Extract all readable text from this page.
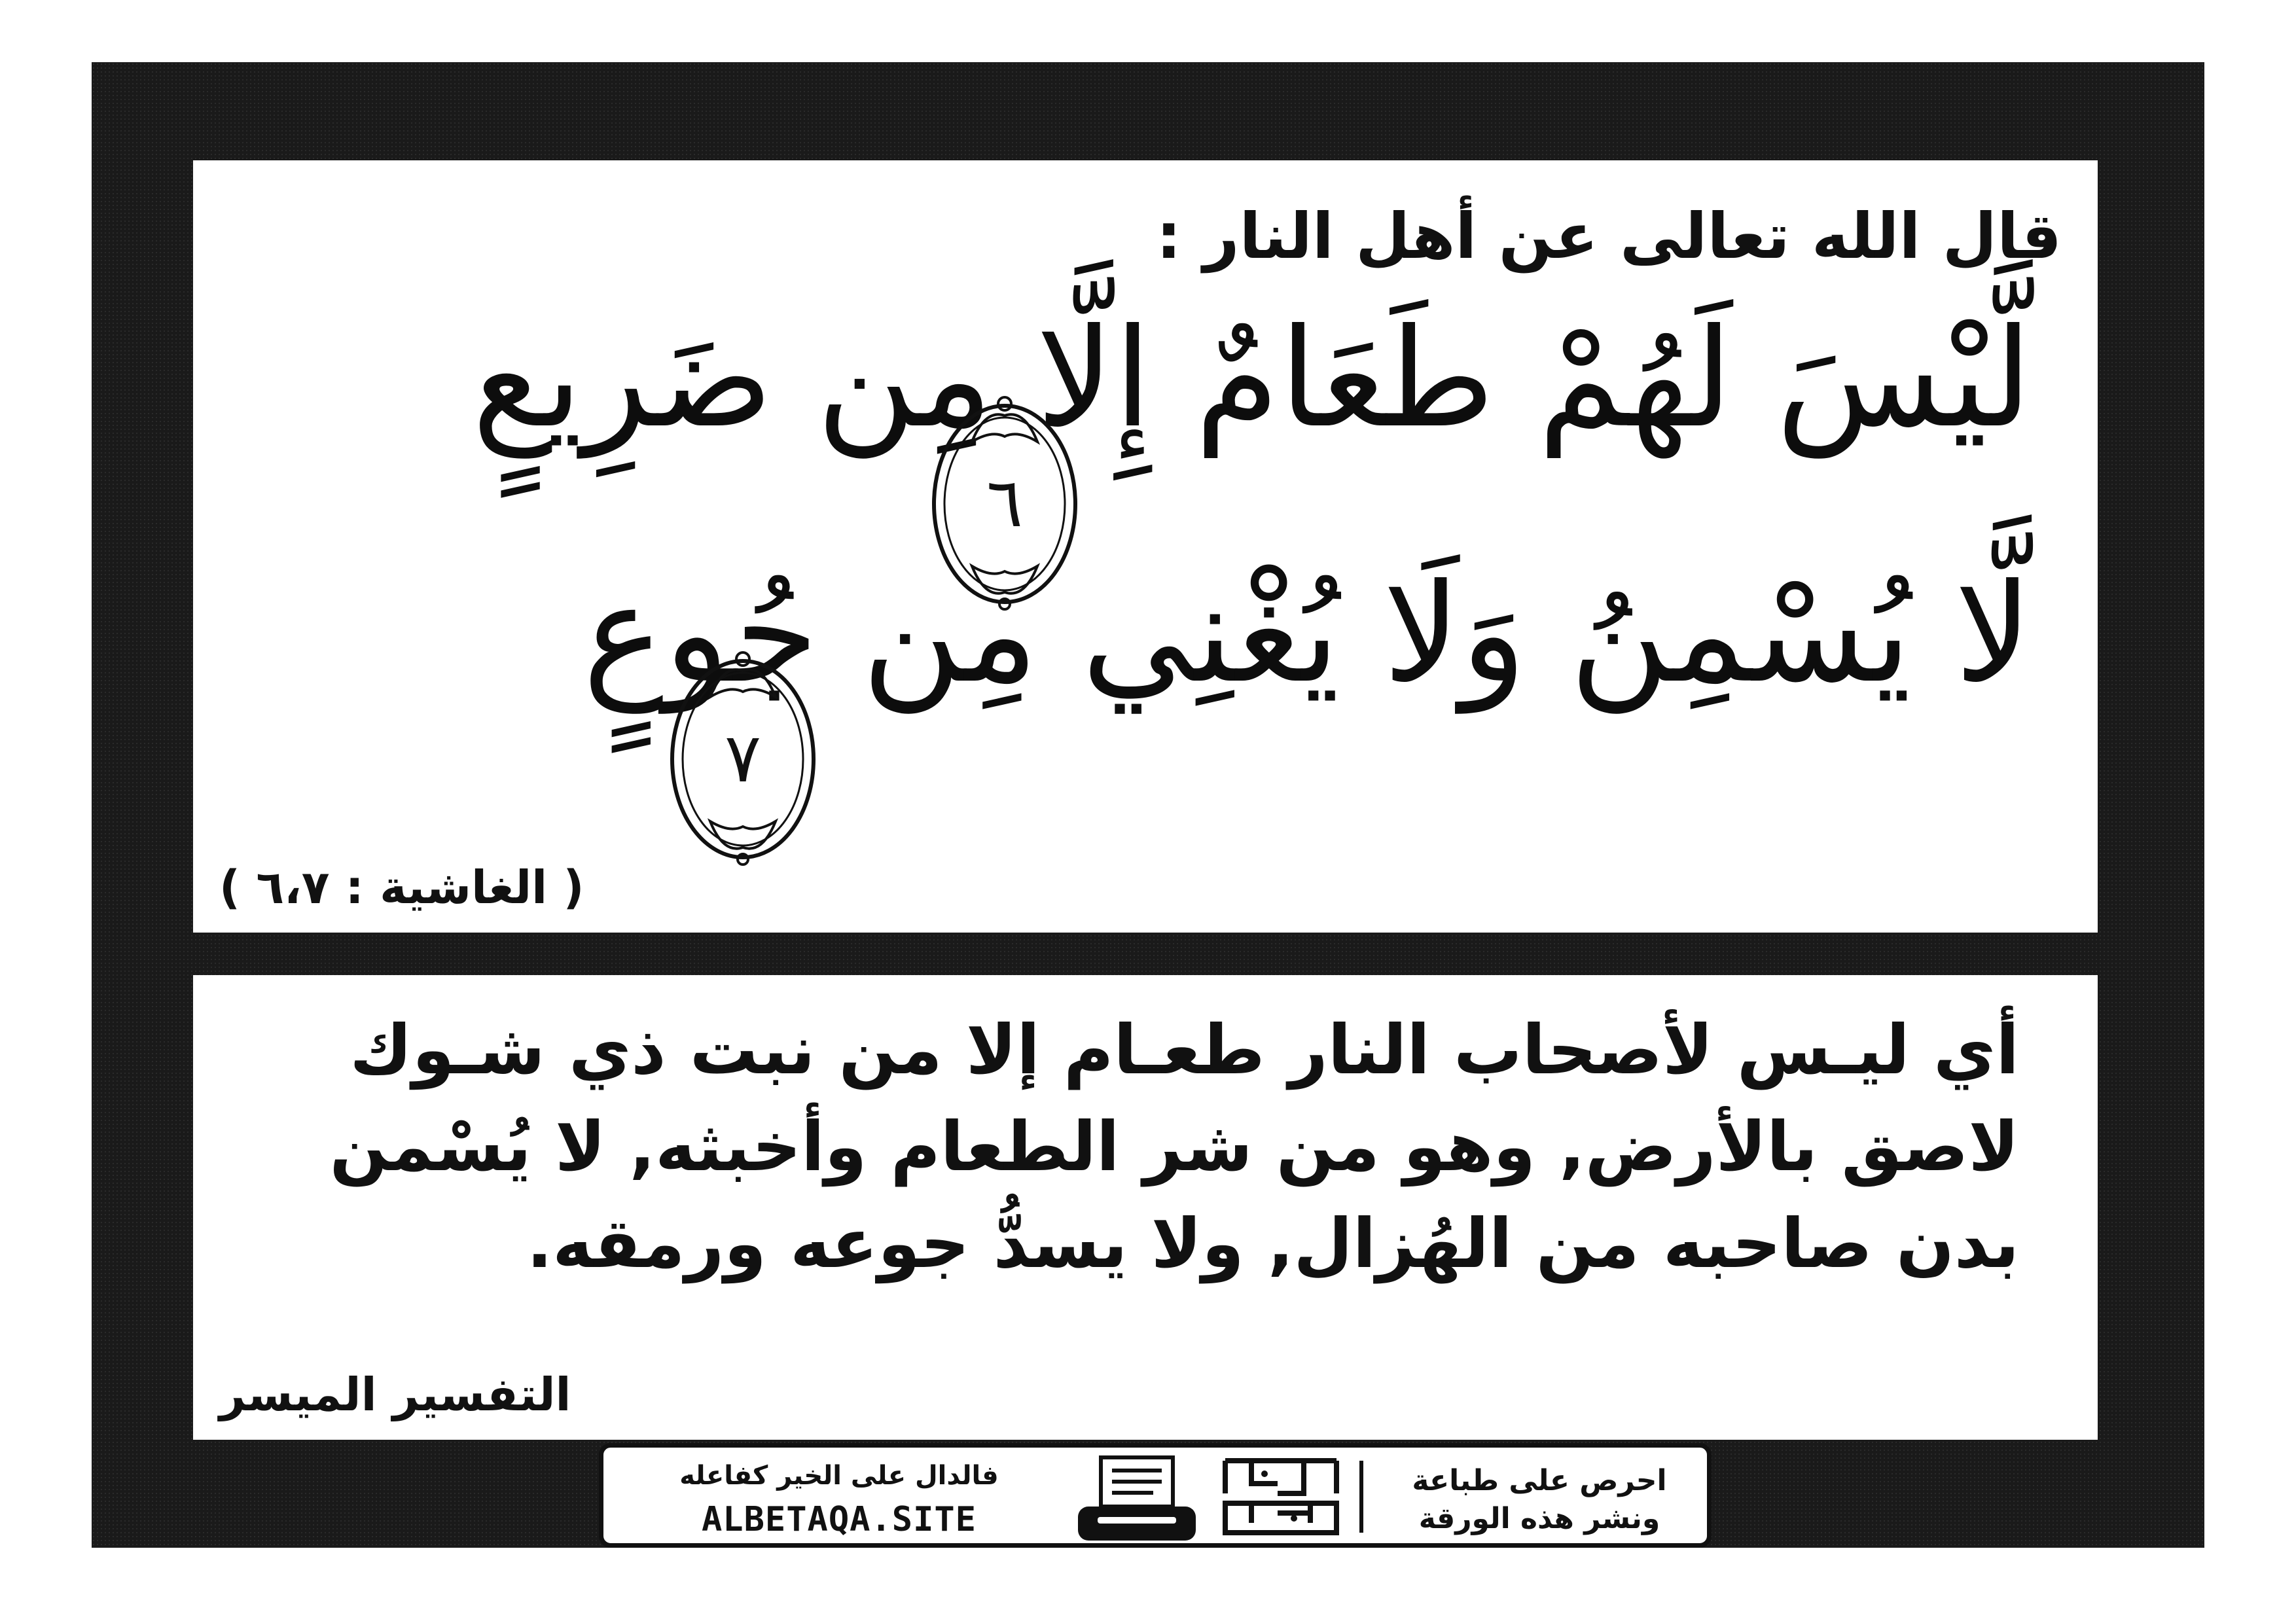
قال الله تعالى عن أهل النار :
لَّيْسَ لَهُمْ طَعَامٌ إِلَّا مِن ضَرِيعٍ
٦
لَّا يُسْمِنُ وَلَا يُغْنِي مِن جُوعٍ
٧
( الغاشية : ٦،٧ )
أي ليـس لأصحاب النار طعـام إلا من نبت ذي شـوك لاصق بالأرض, وهو من شر الطعام وأخبثه, لا يُسْمن بدن صاحبه من الهُزال, ولا يسدُّ جوعه ورمقه.
التفسير الميسر
فالدال على الخير كفاعله
ALBETAQA.SITE
احرص على طباعة
ونشر هذه الورقة
